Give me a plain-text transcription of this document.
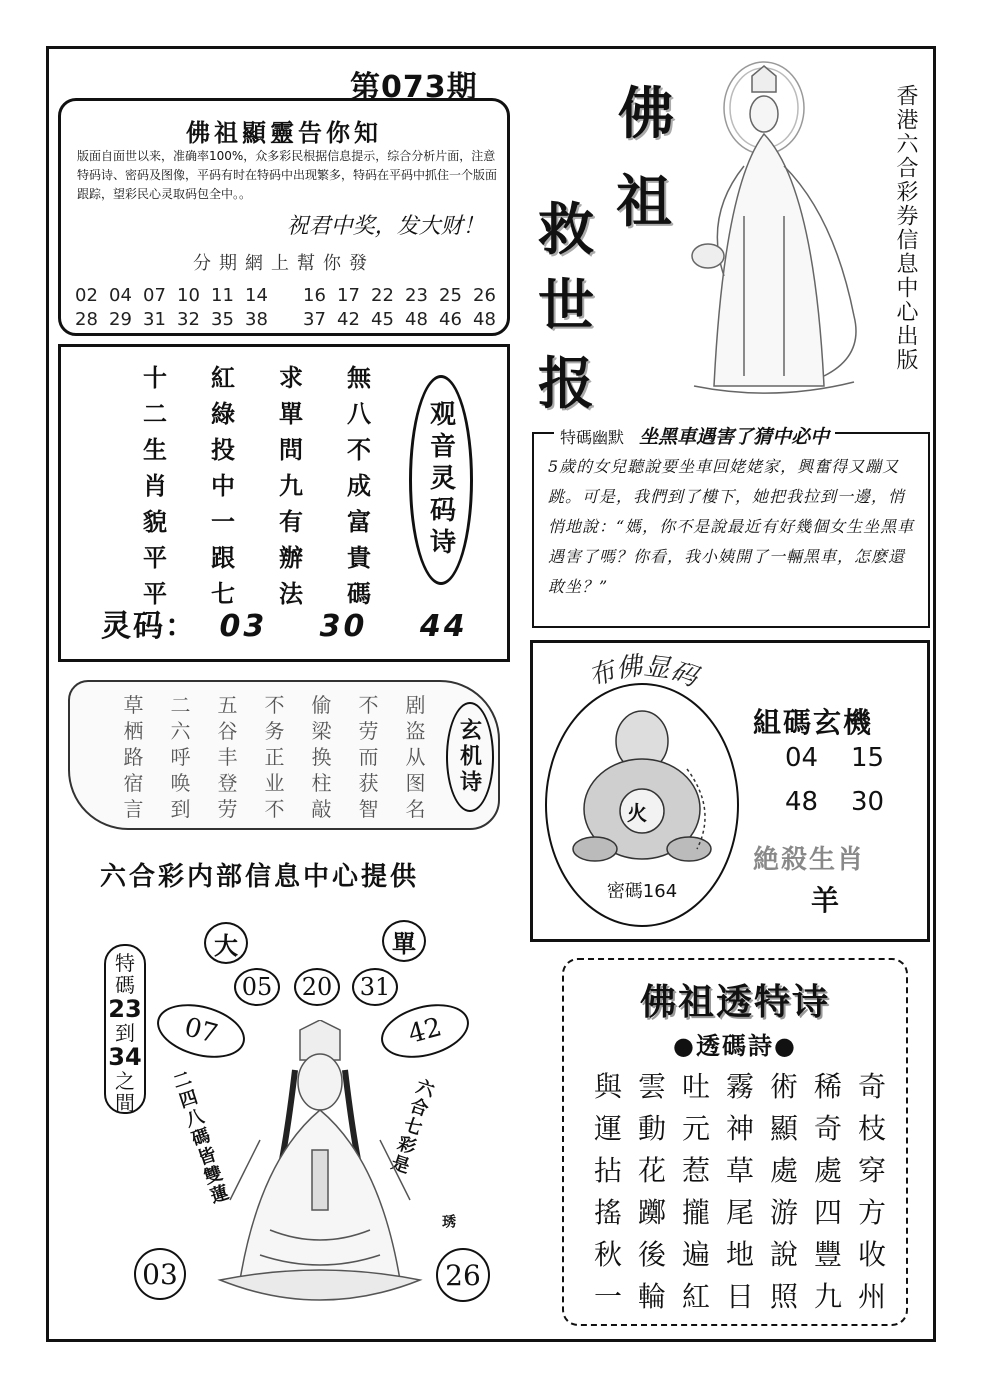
第073期
佛祖顯靈告你知
版面自面世以来，准确率100%，众多彩民根据信息提示，综合分析片面，注意特码诗、密码及图像，平码有时在特码中出现繁多，特码在平码中抓住一个版面跟踪，望彩民心灵取码包全中。。
祝君中奖，发大财！
分期網上幫你發
02 04 07 10 11 14	16 17 22 23 25 26
28 29 31 32 35 38	37 42 45 48 46 48
十	紅	求	無
二	綠	單	八
生	投	問	不
肖	中	九	成
貌	一	有	富
平	跟	辦	貴
平	七	法	碼
观音灵码诗
灵码： 03 30 44
草	二	五	不	偷	不	剧
栖	六	谷	务	梁	劳	盗
路	呼	丰	正	换	而	从
宿	唤	登	业	柱	获	图
言	到	劳	不	敲	智	名
玄机诗
六合彩内部信息中心提供
特
碼
23
到
34
之
間
大	單
05	20	31
07	42
二四八碼皆雙蓮	六合七彩是
琇
03	26
佛
祖
救
世
报
香港六合彩券信息中心出版
特碼幽默 坐黑車遇害了猜中必中
5歲的女兒聽說要坐車回姥姥家，興奮得又蹦又跳。可是，我們到了樓下，她把我拉到一邊，悄悄地說：“媽，你不是說最近有好幾個女生坐黑車遇害了嗎？你看，我小姨開了一輛黑車，怎麽還敢坐？”
布佛显码
火
密碼164
組碼玄機
04 15
48 30
絶殺生肖
羊
佛祖透特诗
●透碼詩●
與 雲 吐 霧 術 稀 奇
運 動 元 神 顯 奇 枝
拈 花 惹 草 處 處 穿
搖 躑 攏 尾 游 四 方
秋 後 遍 地 說 豐 收
一 輪 紅 日 照 九 州
